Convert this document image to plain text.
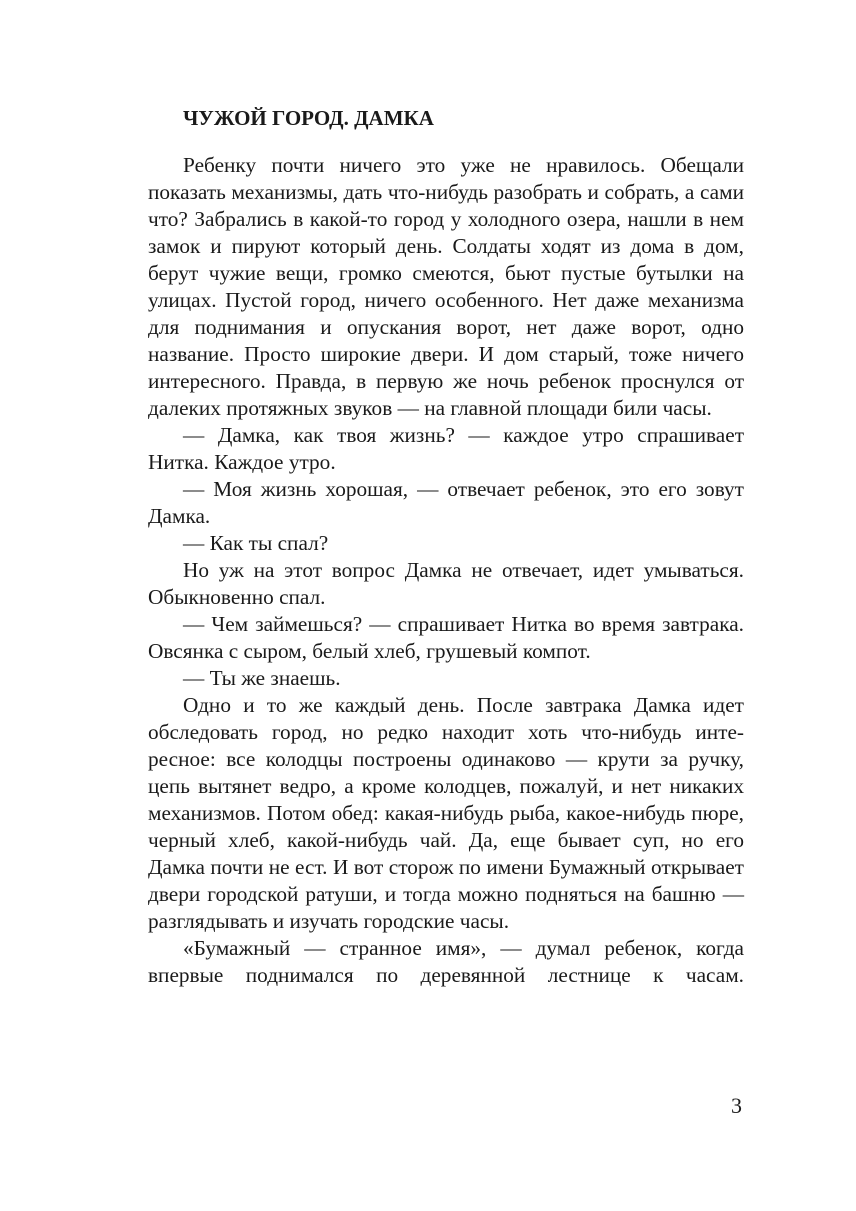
ЧУЖОЙ ГОРОД. ДАМКА

Ребенку почти ничего это уже не нравилось. Обещали показать механизмы, дать что-нибудь разобрать и собрать, а сами что? Забрались в какой-то город у холодного озера, нашли в нем замок и пируют который день. Солдаты ходят из дома в дом, берут чужие вещи, громко смеются, бьют пустые бутылки на улицах. Пустой город, ничего особенного. Нет даже механизма для поднимания и опускания ворот, нет даже ворот, одно название. Просто широкие двери. И дом старый, тоже ничего интересного. Правда, в первую же ночь ребенок проснулся от далеких протяжных звуков — на главной площади били часы.

— Дамка, как твоя жизнь? — каждое утро спрашивает Нитка. Каждое утро.

— Моя жизнь хорошая, — отвечает ребенок, это его зовут Дамка.

— Как ты спал?

Но уж на этот вопрос Дамка не отвечает, идет умываться. Обыкновенно спал.

— Чем займешься? — спрашивает Нитка во время завтрака. Овсянка с сыром, белый хлеб, грушевый компот.

— Ты же знаешь.

Одно и то же каждый день. После завтрака Дамка идет обследовать город, но редко находит хоть что-нибудь интересное: все колодцы построены одинаково — крути за ручку, цепь вытянет ведро, а кроме колодцев, пожалуй, и нет никаких механизмов. Потом обед: какая-нибудь рыба, какое-нибудь пюре, черный хлеб, какой-нибудь чай. Да, еще бывает суп, но его Дамка почти не ест. И вот сторож по имени Бумажный открывает двери городской ратуши, и тогда можно подняться на башню — разглядывать и изучать городские часы.

«Бумажный — странное имя», — думал ребенок, когда впервые поднимался по деревянной лестнице к часам.

3
